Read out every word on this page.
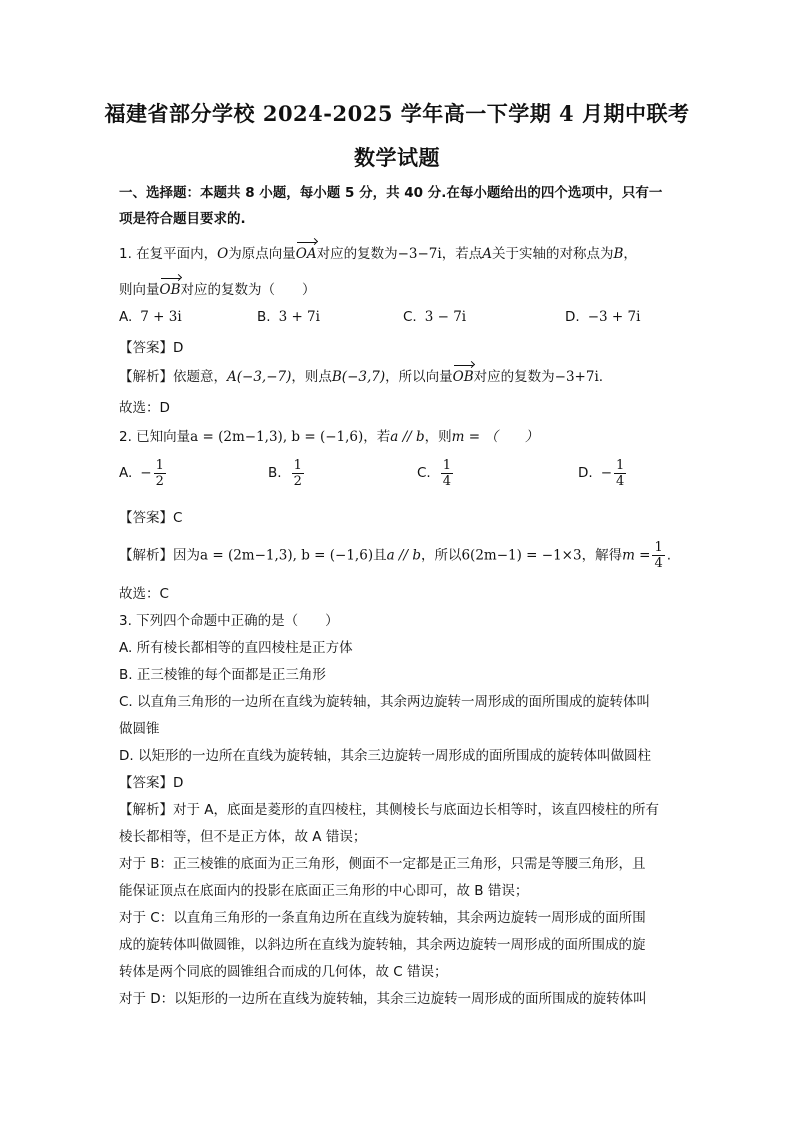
福建省部分学校 2024-2025 学年高一下学期 4 月期中联考
数学试题
一、选择题：本题共 8 小题，每小题 5 分，共 40 分.在每小题给出的四个选项中，只有一
项是符合题目要求的.
1. 在复平面内，O为原点向量OA对应的复数为−3−7i，若点A关于实轴的对称点为B，
则向量OB对应的复数为（　　）
A. 7 + 3i	B. 3 + 7i	C. 3 − 7i	D. −3 + 7i
【答案】D
【解析】依题意，A(−3,−7)，则点B(−3,7)，所以向量OB对应的复数为−3+7i.
故选：D
2. 已知向量a = (2m−1,3), b = (−1,6)，若a // b，则m = （　　）
A. − $\frac{1}{2}$	B. $\frac{1}{2}$	C. $\frac{1}{4}$	D. − $\frac{1}{4}$
【答案】C
【解析】因为a = (2m−1,3), b = (−1,6)且a // b，所以6(2m−1) = −1×3，解得$m = \frac{1}{4}$ .
故选：C
3. 下列四个命题中正确的是（　　）
A. 所有棱长都相等的直四棱柱是正方体
B. 正三棱锥的每个面都是正三角形
C. 以直角三角形的一边所在直线为旋转轴，其余两边旋转一周形成的面所围成的旋转体叫
做圆锥
D. 以矩形的一边所在直线为旋转轴，其余三边旋转一周形成的面所围成的旋转体叫做圆柱
【答案】D
【解析】对于 A，底面是菱形的直四棱柱，其侧棱长与底面边长相等时，该直四棱柱的所有
棱长都相等，但不是正方体，故 A 错误；
对于 B：正三棱锥的底面为正三角形，侧面不一定都是正三角形，只需是等腰三角形，且
能保证顶点在底面内的投影在底面正三角形的中心即可，故 B 错误；
对于 C：以直角三角形的一条直角边所在直线为旋转轴，其余两边旋转一周形成的面所围
成的旋转体叫做圆锥，以斜边所在直线为旋转轴，其余两边旋转一周形成的面所围成的旋
转体是两个同底的圆锥组合而成的几何体，故 C 错误；
对于 D：以矩形的一边所在直线为旋转轴，其余三边旋转一周形成的面所围成的旋转体叫
